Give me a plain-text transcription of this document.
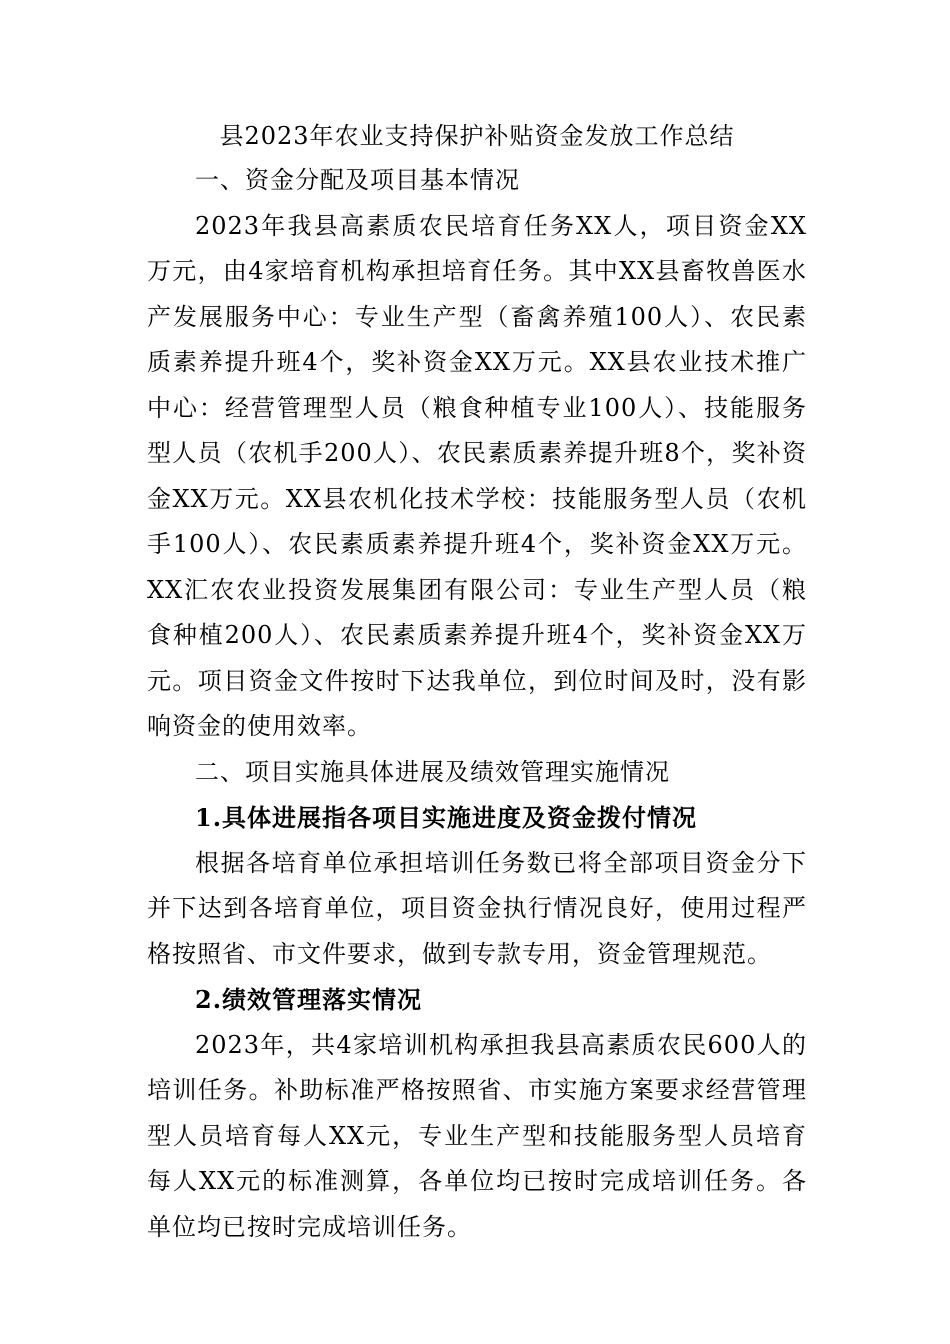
县2023年农业支持保护补贴资金发放工作总结

一、资金分配及项目基本情况

2023年我县高素质农民培育任务XX人，项目资金XX万元，由4家培育机构承担培育任务。其中XX县畜牧兽医水产发展服务中心：专业生产型（畜禽养殖100人）、农民素质素养提升班4个，奖补资金XX万元。XX县农业技术推广中心：经营管理型人员（粮食种植专业100人）、技能服务型人员（农机手200人）、农民素质素养提升班8个，奖补资金XX万元。XX县农机化技术学校：技能服务型人员（农机手100人）、农民素质素养提升班4个，奖补资金XX万元。XX汇农农业投资发展集团有限公司：专业生产型人员（粮食种植200人）、农民素质素养提升班4个，奖补资金XX万元。项目资金文件按时下达我单位，到位时间及时，没有影响资金的使用效率。

二、项目实施具体进展及绩效管理实施情况

1.具体进展指各项目实施进度及资金拨付情况

根据各培育单位承担培训任务数已将全部项目资金分下并下达到各培育单位，项目资金执行情况良好，使用过程严格按照省、市文件要求，做到专款专用，资金管理规范。

2.绩效管理落实情况

2023年，共4家培训机构承担我县高素质农民600人的培训任务。补助标准严格按照省、市实施方案要求经营管理型人员培育每人XX元，专业生产型和技能服务型人员培育每人XX元的标准测算，各单位均已按时完成培训任务。各单位均已按时完成培训任务。
